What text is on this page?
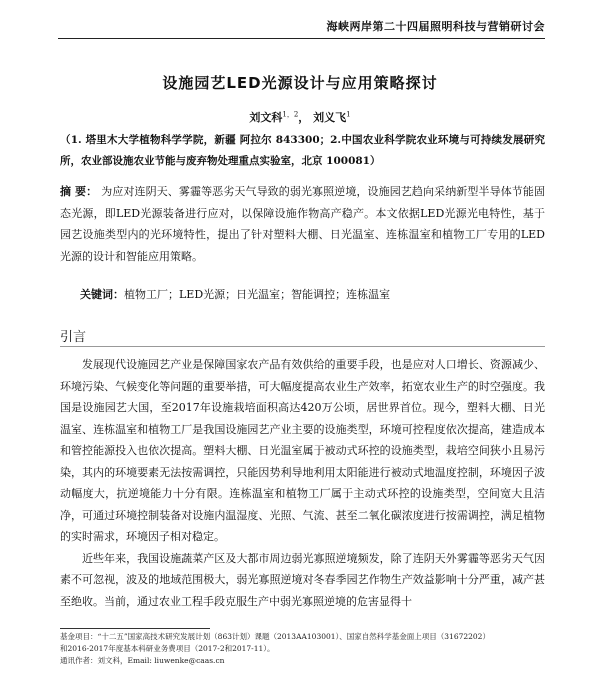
海峡两岸第二十四届照明科技与营销研讨会
设施园艺LED光源设计与应用策略探讨
刘文科$^{1,2}$， 刘义飞$^1$
（1. 塔里木大学植物科学学院，新疆 阿拉尔 843300；2.中国农业科学院农业环境与可持续发展研究所，农业部设施农业节能与废弃物处理重点实验室，北京 100081）
摘 要： 为应对连阴天、雾霾等恶劣天气导致的弱光寡照逆境，设施园艺趋向采纳新型半导体节能固态光源，即LED光源装备进行应对，以保障设施作物高产稳产。本文依据LED光源光电特性，基于园艺设施类型内的光环境特性，提出了针对塑料大棚、日光温室、连栋温室和植物工厂专用的LED光源的设计和智能应用策略。
关键词：植物工厂；LED光源；日光温室；智能调控；连栋温室
引言

发展现代设施园艺产业是保障国家农产品有效供给的重要手段，也是应对人口增长、资源减少、环境污染、气候变化等问题的重要举措，可大幅度提高农业生产效率，拓宽农业生产的时空强度。我国是设施园艺大国，至2017年设施栽培面积高达420万公顷，居世界首位。现今，塑料大棚、日光温室、连栋温室和植物工厂是我国设施园艺产业主要的设施类型，环境可控程度依次提高，建造成本和管控能源投入也依次提高。塑料大棚、日光温室属于被动式环控的设施类型，栽培空间狭小且易污染，其内的环境要素无法按需调控，只能因势利导地利用太阳能进行被动式地温度控制，环境因子波动幅度大，抗逆境能力十分有限。连栋温室和植物工厂属于主动式环控的设施类型，空间宽大且洁净，可通过环境控制装备对设施内温湿度、光照、气流、甚至二氧化碳浓度进行按需调控，满足植物的实时需求，环境因子相对稳定。

近些年来，我国设施蔬菜产区及大都市周边弱光寡照逆境频发，除了连阴天外雾霾等恶劣天气因素不可忽视，波及的地域范围极大，弱光寡照逆境对冬春季园艺作物生产效益影响十分严重，减产甚至绝收。当前，通过农业工程手段克服生产中弱光寡照逆境的危害显得十

基金项目：“十二五”国家高技术研究发展计划（863计划）课题（2013AA103001）、国家自然科学基金面上项目（31672202）
和2016-2017年度基本科研业务费项目（2017-2和2017-11）。
通讯作者：刘文科，Email: liuwenke@caas.cn
